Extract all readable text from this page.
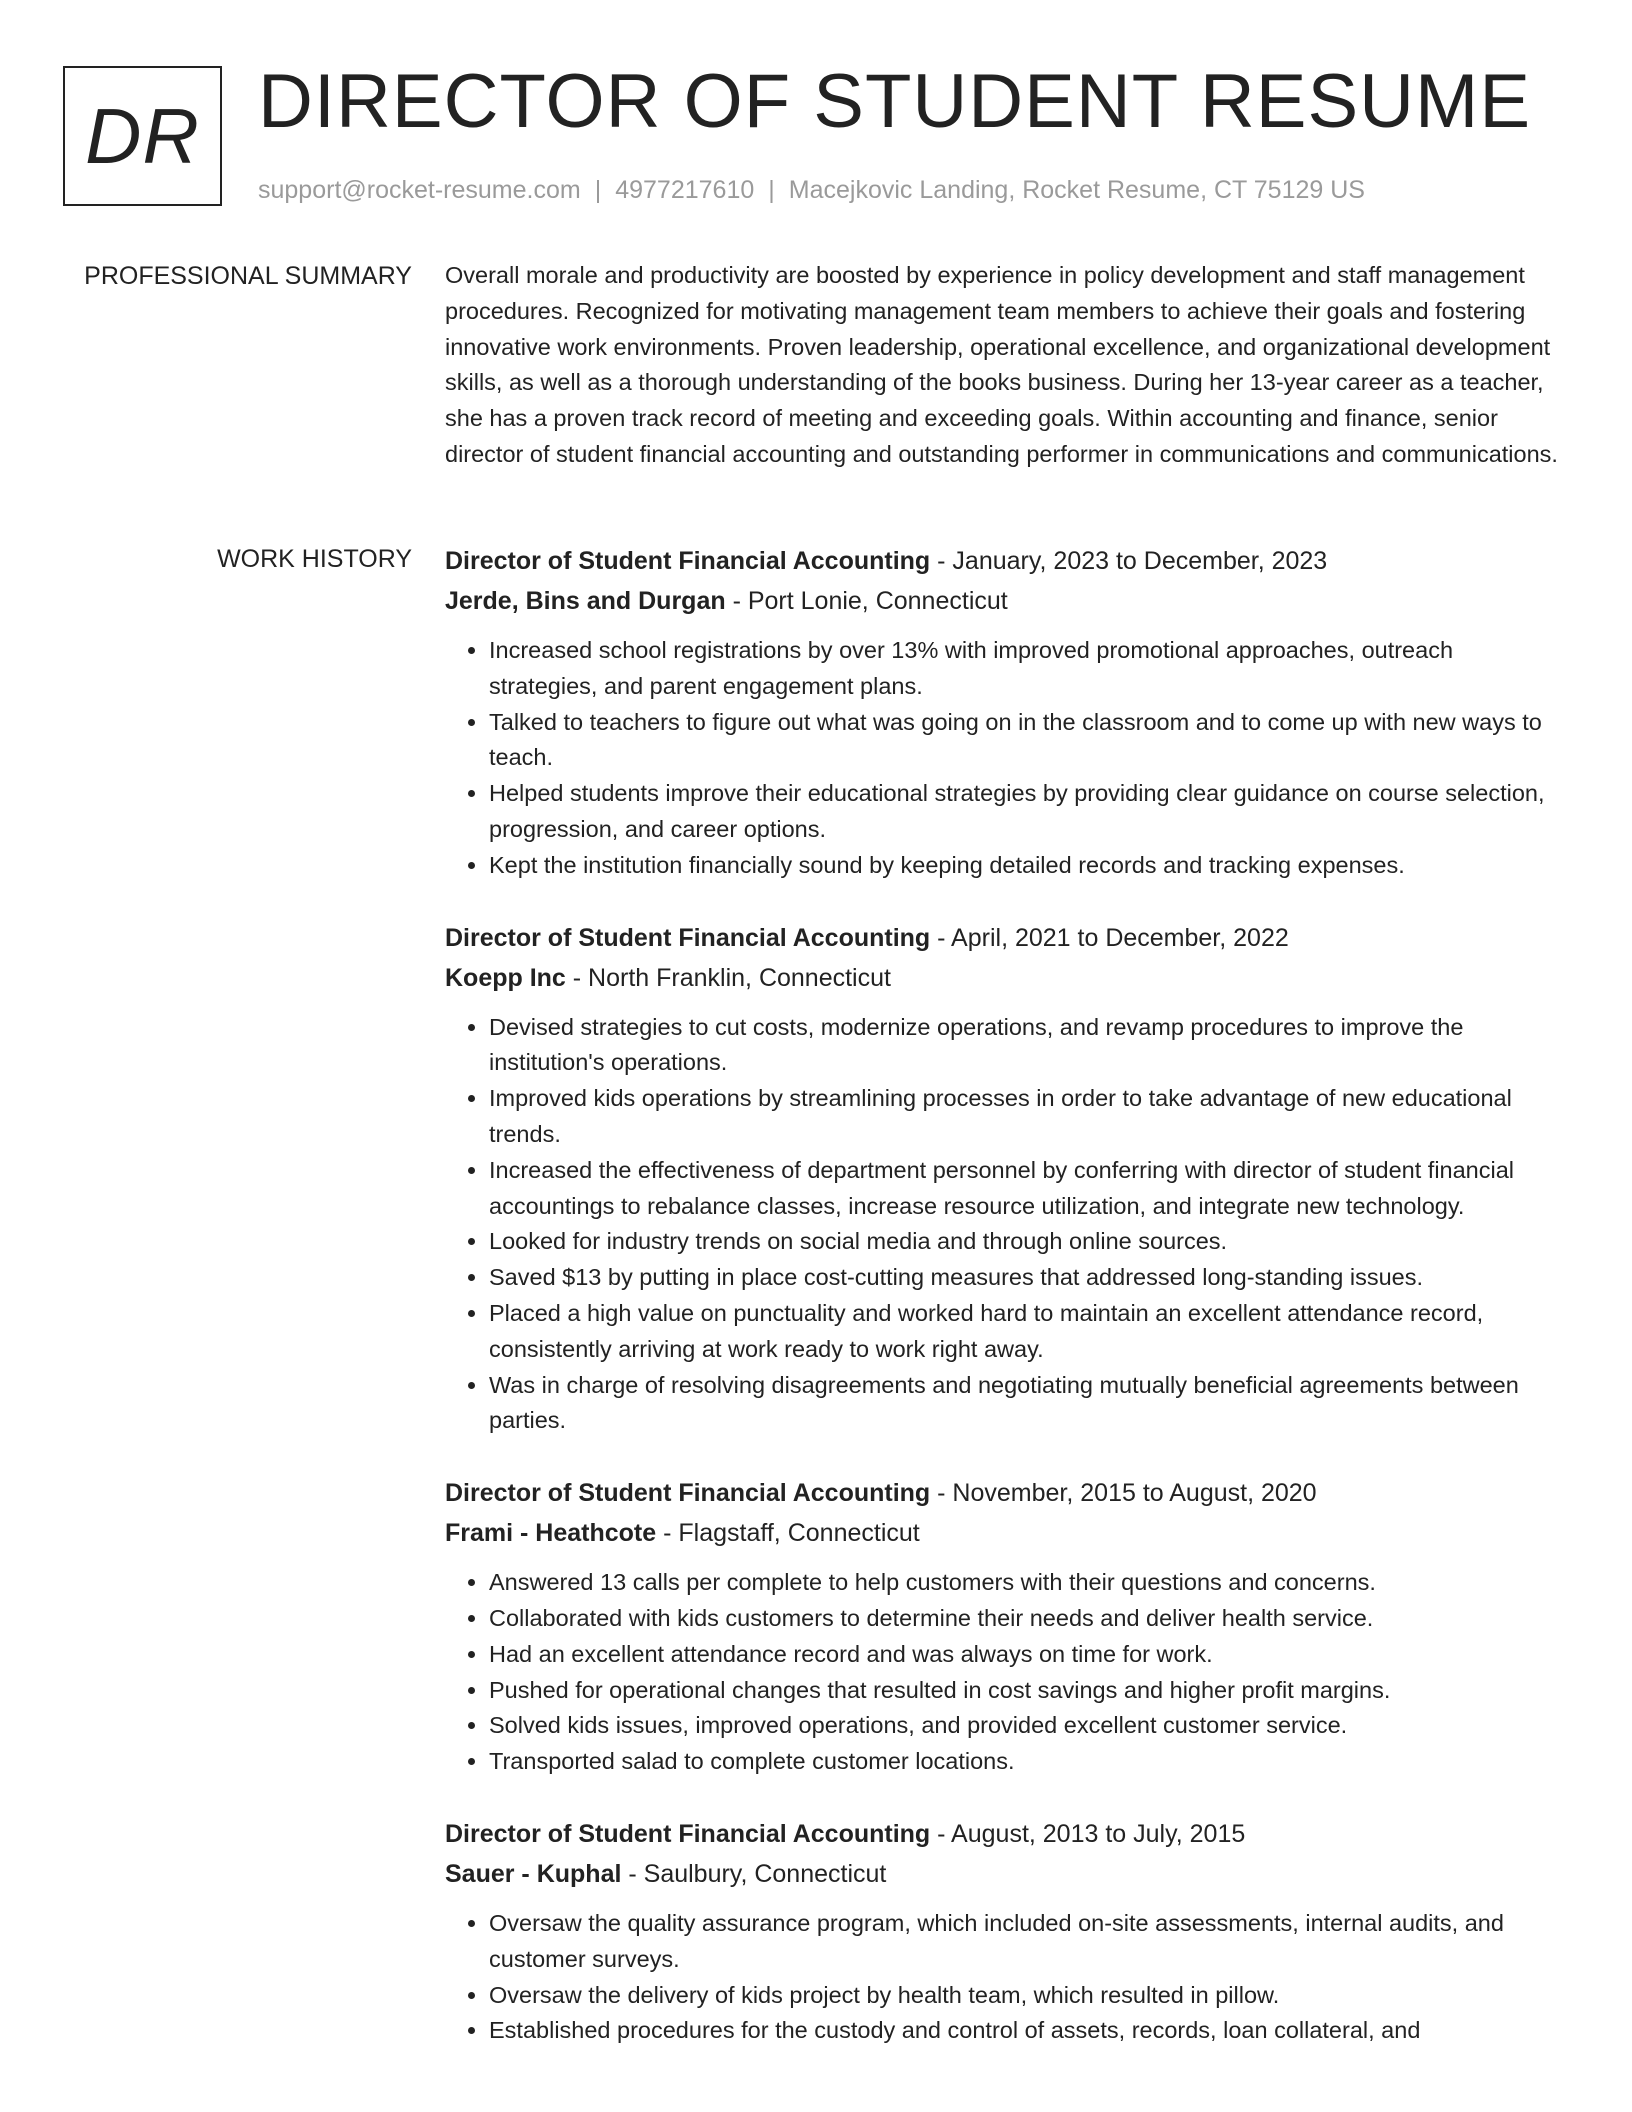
DR DIRECTOR OF STUDENT RESUME
support@rocket-resume.com | 4977217610 | Macejkovic Landing, Rocket Resume, CT 75129 US
PROFESSIONAL SUMMARY Overall morale and productivity are boosted by experience in policy development and staff management procedures. Recognized for motivating management team members to achieve their goals and fostering innovative work environments. Proven leadership, operational excellence, and organizational development skills, as well as a thorough understanding of the books business. During her 13-year career as a teacher, she has a proven track record of meeting and exceeding goals. Within accounting and finance, senior director of student financial accounting and outstanding performer in communications and communications.

WORK HISTORY Director of Student Financial Accounting - January, 2023 to December, 2023
Jerde, Bins and Durgan - Port Lonie, Connecticut
• Increased school registrations by over 13% with improved promotional approaches, outreach strategies, and parent engagement plans.
• Talked to teachers to figure out what was going on in the classroom and to come up with new ways to teach.
• Helped students improve their educational strategies by providing clear guidance on course selection, progression, and career options.
• Kept the institution financially sound by keeping detailed records and tracking expenses.
Director of Student Financial Accounting - April, 2021 to December, 2022
Koepp Inc - North Franklin, Connecticut
• Devised strategies to cut costs, modernize operations, and revamp procedures to improve the institution's operations.
• Improved kids operations by streamlining processes in order to take advantage of new educational trends.
• Increased the effectiveness of department personnel by conferring with director of student financial accountings to rebalance classes, increase resource utilization, and integrate new technology.
• Looked for industry trends on social media and through online sources.
• Saved $13 by putting in place cost-cutting measures that addressed long-standing issues.
• Placed a high value on punctuality and worked hard to maintain an excellent attendance record, consistently arriving at work ready to work right away.
• Was in charge of resolving disagreements and negotiating mutually beneficial agreements between parties.
Director of Student Financial Accounting - November, 2015 to August, 2020
Frami - Heathcote - Flagstaff, Connecticut
• Answered 13 calls per complete to help customers with their questions and concerns.
• Collaborated with kids customers to determine their needs and deliver health service.
• Had an excellent attendance record and was always on time for work.
• Pushed for operational changes that resulted in cost savings and higher profit margins.
• Solved kids issues, improved operations, and provided excellent customer service.
• Transported salad to complete customer locations.
Director of Student Financial Accounting - August, 2013 to July, 2015
Sauer - Kuphal - Saulbury, Connecticut
• Oversaw the quality assurance program, which included on-site assessments, internal audits, and customer surveys.
• Oversaw the delivery of kids project by health team, which resulted in pillow.
• Established procedures for the custody and control of assets, records, loan collateral, and
